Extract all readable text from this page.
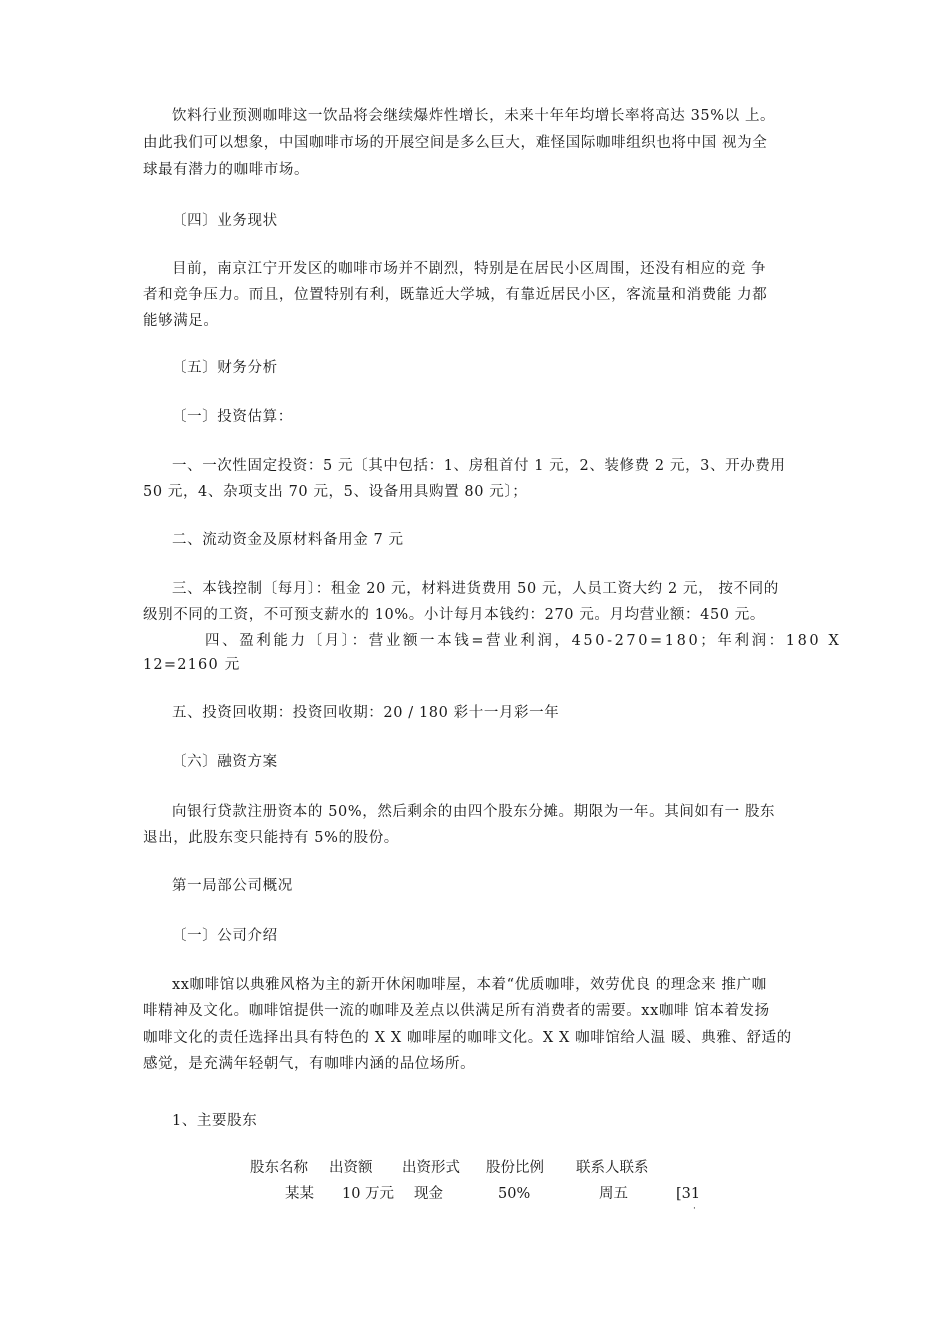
饮料行业预测咖啡这一饮品将会继续爆炸性增长，未来十年年均增长率将高达 35%以 上。
由此我们可以想象，中国咖啡市场的开展空间是多么巨大，难怪国际咖啡组织也将中国 视为全
球最有潜力的咖啡市场。
〔四〕业务现状
目前，南京江宁开发区的咖啡市场并不剧烈，特别是在居民小区周围，还没有相应的竞 争
者和竞争压力。而且，位置特别有利，既靠近大学城，有靠近居民小区，客流量和消费能 力都
能够满足。
〔五〕财务分析
〔一〕投资估算：
一、一次性固定投资：5 元〔其中包括：1、房租首付 1 元，2、装修费 2 元，3、开办费用
50 元，4、杂项支出 70 元，5、设备用具购置 80 元〕；
二、流动资金及原材料备用金 7 元
三、本钱控制〔每月〕：租金 20 元，材料进货费用 50 元，人员工资大约 2 元， 按不同的
级别不同的工资，不可预支薪水的 10%。小计每月本钱约：270 元。月均营业额：450 元。
四、盈利能力〔月〕：营业额一本钱=营业利润，450-270=180；年利润：180 X
12=2160 元
五、投资回收期：投资回收期：20 / 180 彩十一月彩一年
〔六〕融资方案
向银行贷款注册资本的 50%，然后剩余的由四个股东分摊。期限为一年。其间如有一 股东
退出，此股东变只能持有 5%的股份。
第一局部公司概况
〔一〕公司介绍
xx咖啡馆以典雅风格为主的新开休闲咖啡屋，本着“优质咖啡，效劳优良 的理念来 推广咖
啡精神及文化。咖啡馆提供一流的咖啡及差点以供满足所有消费者的需要。xx咖啡 馆本着发扬
咖啡文化的责任选择出具有特色的 X X 咖啡屋的咖啡文化。X X 咖啡馆给人温 暖、典雅、舒适的
感觉，是充满年轻朝气，有咖啡内涵的品位场所。
1、主要股东
股东名称 出资额 出资形式 股份比例 联系人联系
某某 10 万元 现金	50%	周五	[31
·
